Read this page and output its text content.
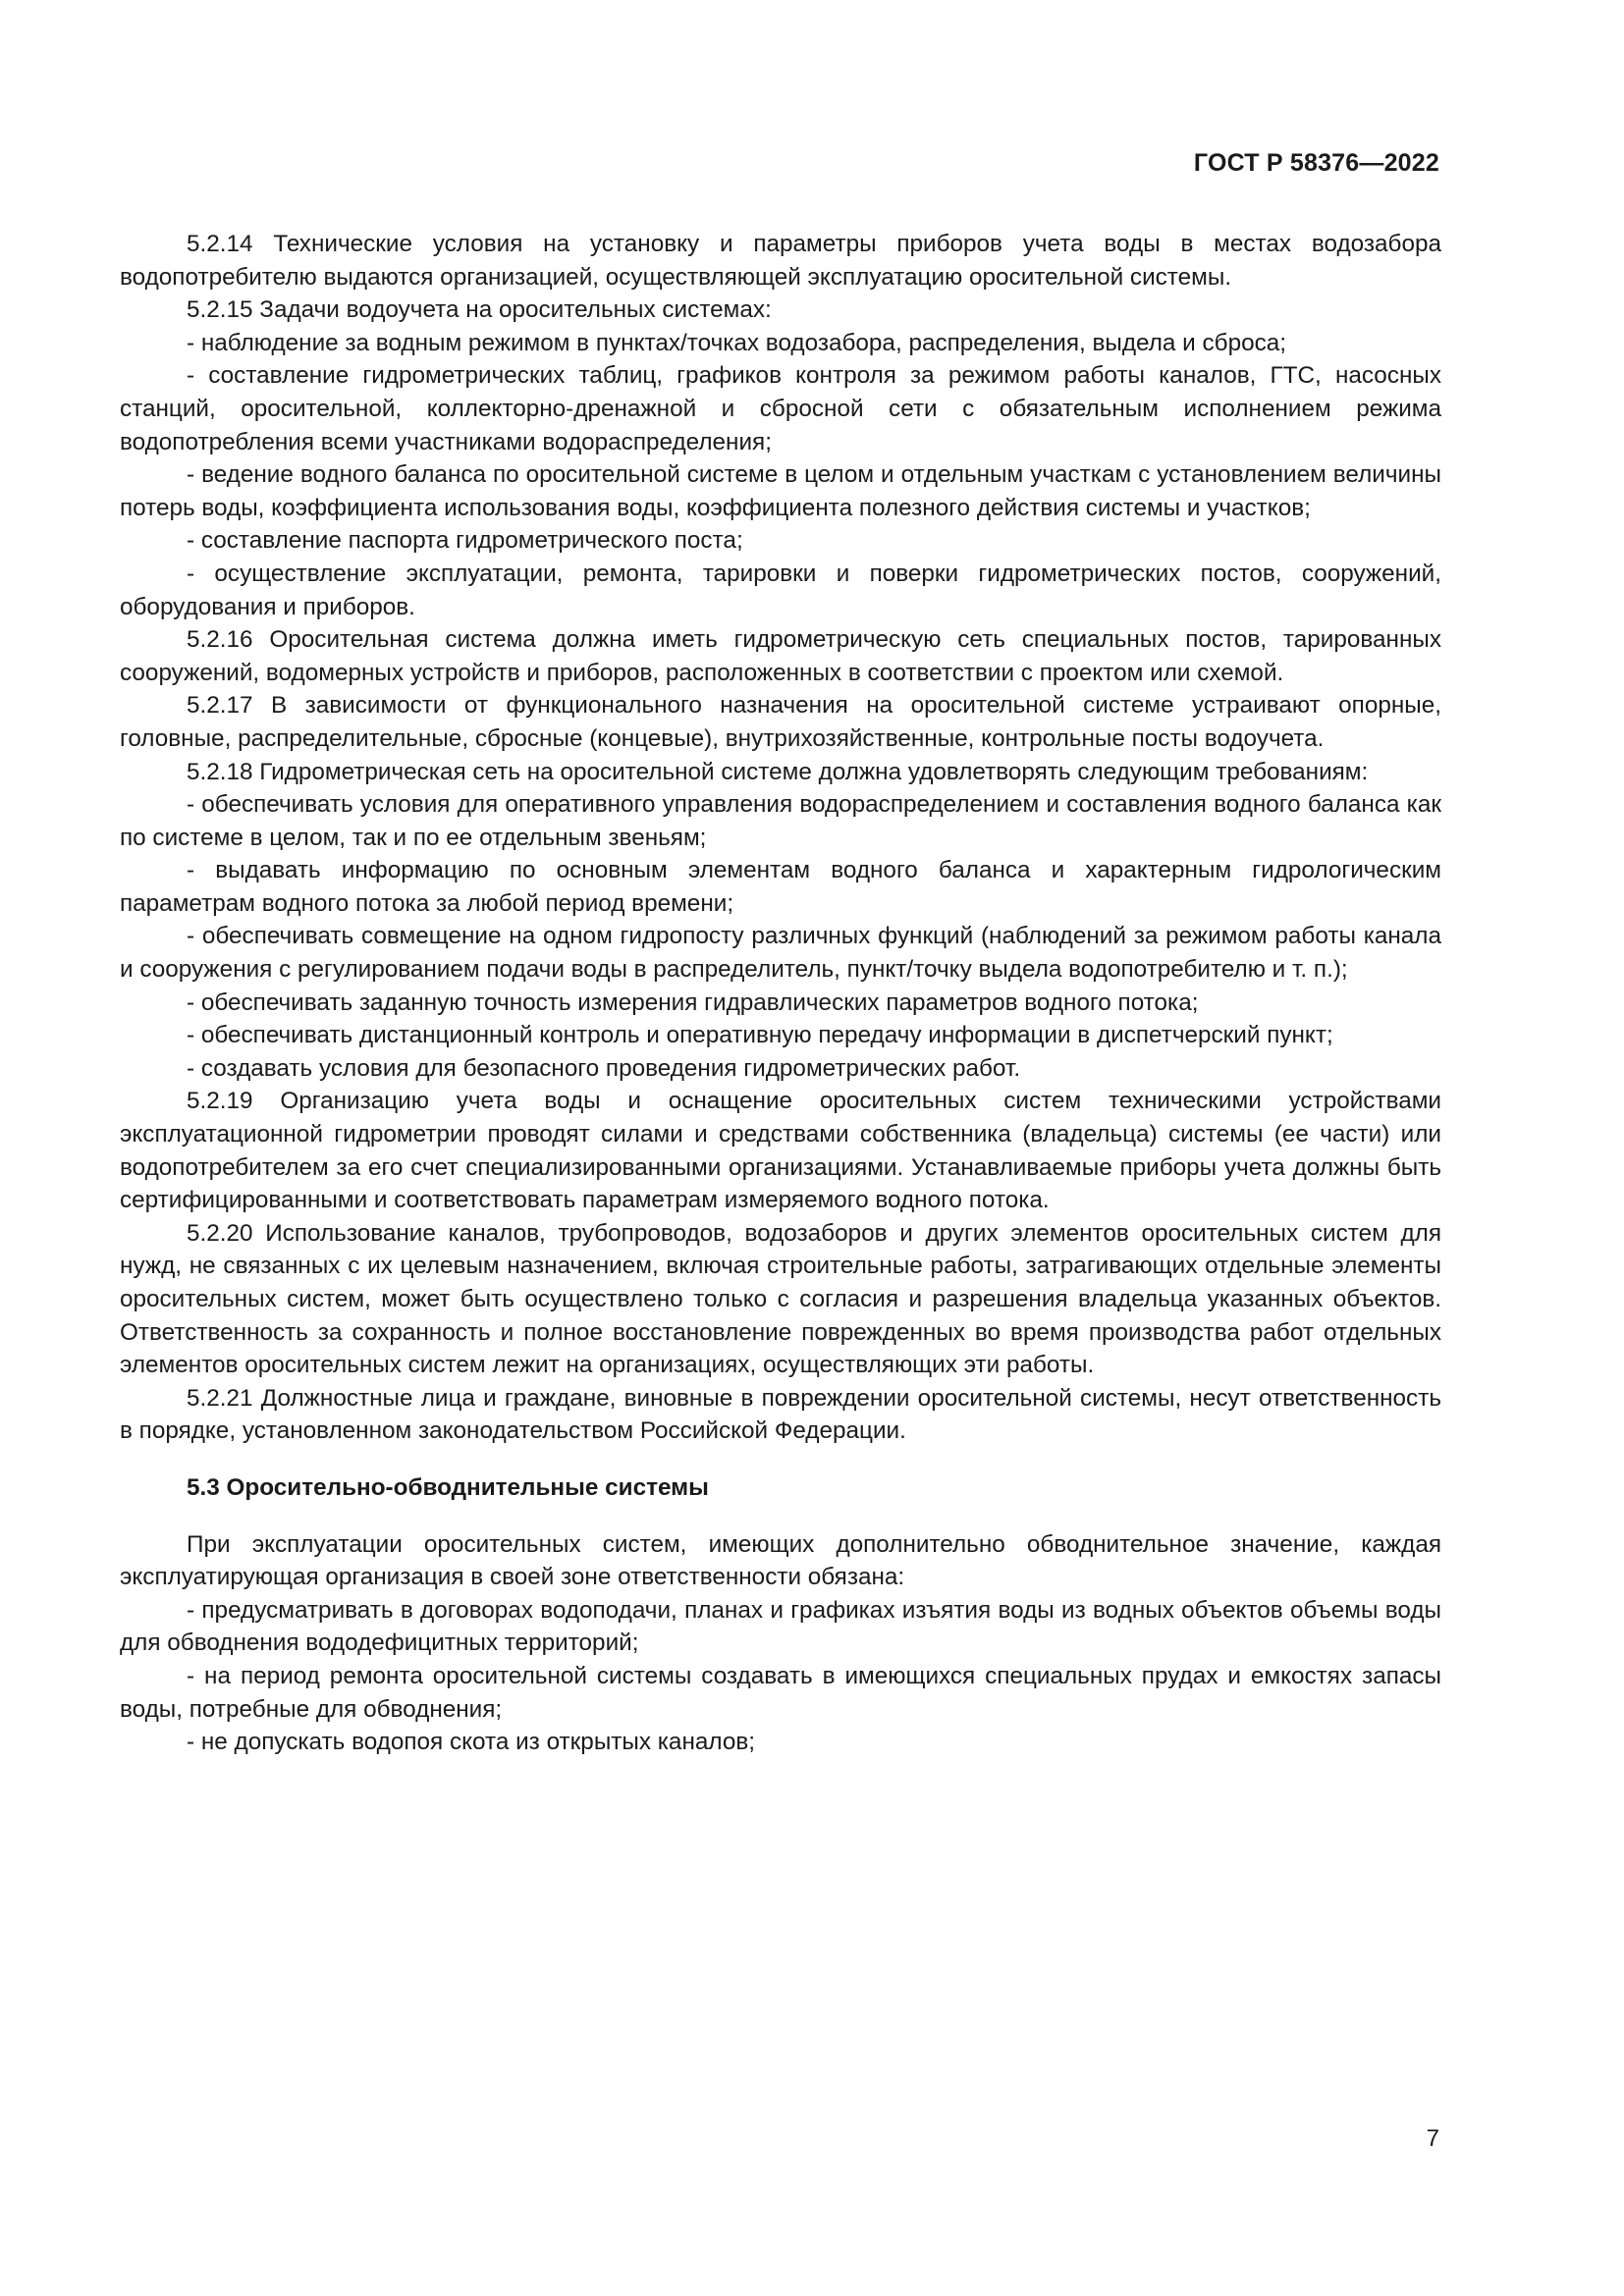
ГОСТ Р 58376—2022

5.2.14 Технические условия на установку и параметры приборов учета воды в местах водозабора водопотребителю выдаются организацией, осуществляющей эксплуатацию оросительной системы.

5.2.15 Задачи водоучета на оросительных системах:

- наблюдение за водным режимом в пунктах/точках водозабора, распределения, выдела и сброса;

- составление гидрометрических таблиц, графиков контроля за режимом работы каналов, ГТС, насосных станций, оросительной, коллекторно-дренажной и сбросной сети с обязательным исполнением режима водопотребления всеми участниками водораспределения;

- ведение водного баланса по оросительной системе в целом и отдельным участкам с установлением величины потерь воды, коэффициента использования воды, коэффициента полезного действия системы и участков;

- составление паспорта гидрометрического поста;

- осуществление эксплуатации, ремонта, тарировки и поверки гидрометрических постов, сооружений, оборудования и приборов.

5.2.16 Оросительная система должна иметь гидрометрическую сеть специальных постов, тарированных сооружений, водомерных устройств и приборов, расположенных в соответствии с проектом или схемой.

5.2.17 В зависимости от функционального назначения на оросительной системе устраивают опорные, головные, распределительные, сбросные (концевые), внутрихозяйственные, контрольные посты водоучета.

5.2.18 Гидрометрическая сеть на оросительной системе должна удовлетворять следующим требованиям:

- обеспечивать условия для оперативного управления водораспределением и составления водного баланса как по системе в целом, так и по ее отдельным звеньям;

- выдавать информацию по основным элементам водного баланса и характерным гидрологическим параметрам водного потока за любой период времени;

- обеспечивать совмещение на одном гидропосту различных функций (наблюдений за режимом работы канала и сооружения с регулированием подачи воды в распределитель, пункт/точку выдела водопотребителю и т. п.);

- обеспечивать заданную точность измерения гидравлических параметров водного потока;

- обеспечивать дистанционный контроль и оперативную передачу информации в диспетчерский пункт;

- создавать условия для безопасного проведения гидрометрических работ.

5.2.19 Организацию учета воды и оснащение оросительных систем техническими устройствами эксплуатационной гидрометрии проводят силами и средствами собственника (владельца) системы (ее части) или водопотребителем за его счет специализированными организациями. Устанавливаемые приборы учета должны быть сертифицированными и соответствовать параметрам измеряемого водного потока.

5.2.20 Использование каналов, трубопроводов, водозаборов и других элементов оросительных систем для нужд, не связанных с их целевым назначением, включая строительные работы, затрагивающих отдельные элементы оросительных систем, может быть осуществлено только с согласия и разрешения владельца указанных объектов. Ответственность за сохранность и полное восстановление поврежденных во время производства работ отдельных элементов оросительных систем лежит на организациях, осуществляющих эти работы.

5.2.21 Должностные лица и граждане, виновные в повреждении оросительной системы, несут ответственность в порядке, установленном законодательством Российской Федерации.

5.3 Оросительно-обводнительные системы

При эксплуатации оросительных систем, имеющих дополнительно обводнительное значение, каждая эксплуатирующая организация в своей зоне ответственности обязана:

- предусматривать в договорах водоподачи, планах и графиках изъятия воды из водных объектов объемы воды для обводнения вододефицитных территорий;

- на период ремонта оросительной системы создавать в имеющихся специальных прудах и емкостях запасы воды, потребные для обводнения;

- не допускать водопоя скота из открытых каналов;

7
